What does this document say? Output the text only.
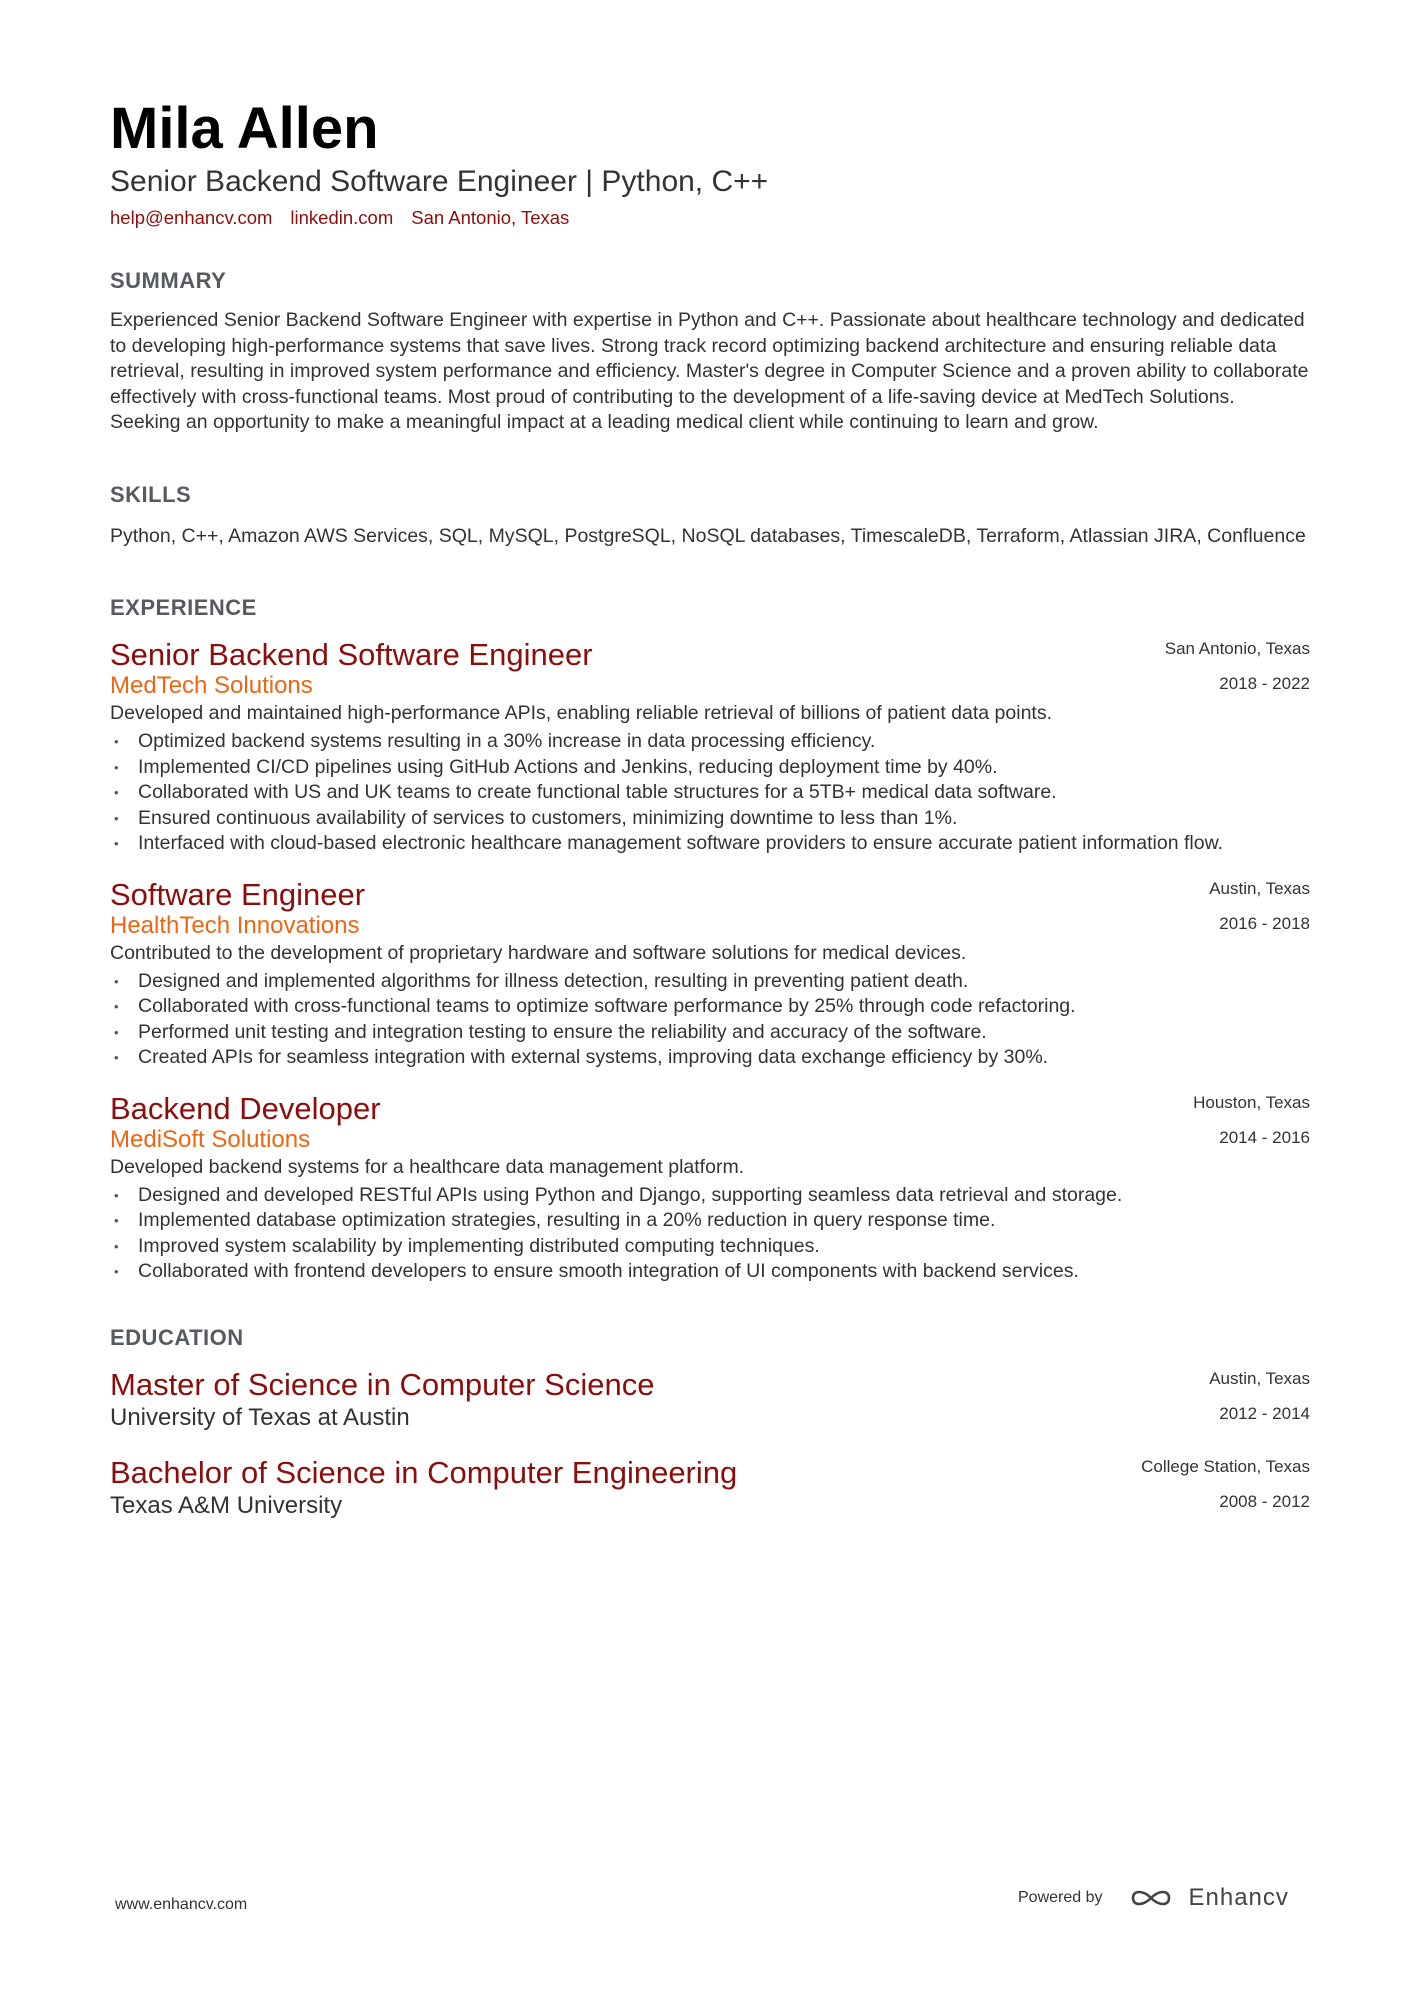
Mila Allen
Senior Backend Software Engineer | Python, C++
help@enhancv.com linkedin.com San Antonio, Texas
SUMMARY

Experienced Senior Backend Software Engineer with expertise in Python and C++. Passionate about healthcare technology and dedicated to developing high-performance systems that save lives. Strong track record optimizing backend architecture and ensuring reliable data retrieval, resulting in improved system performance and efficiency. Master's degree in Computer Science and a proven ability to collaborate effectively with cross-functional teams. Most proud of contributing to the development of a life-saving device at MedTech Solutions. Seeking an opportunity to make a meaningful impact at a leading medical client while continuing to learn and grow.

SKILLS

Python, C++, Amazon AWS Services, SQL, MySQL, PostgreSQL, NoSQL databases, TimescaleDB, Terraform, Atlassian JIRA, Confluence

EXPERIENCE
Senior Backend Software Engineer
MedTech Solutions
San Antonio, Texas
2018 - 2022
Developed and maintained high-performance APIs, enabling reliable retrieval of billions of patient data points.
• Optimized backend systems resulting in a 30% increase in data processing efficiency.
• Implemented CI/CD pipelines using GitHub Actions and Jenkins, reducing deployment time by 40%.
• Collaborated with US and UK teams to create functional table structures for a 5TB+ medical data software.
• Ensured continuous availability of services to customers, minimizing downtime to less than 1%.
• Interfaced with cloud-based electronic healthcare management software providers to ensure accurate patient information flow.
Software Engineer
HealthTech Innovations
Austin, Texas
2016 - 2018
Contributed to the development of proprietary hardware and software solutions for medical devices.
• Designed and implemented algorithms for illness detection, resulting in preventing patient death.
• Collaborated with cross-functional teams to optimize software performance by 25% through code refactoring.
• Performed unit testing and integration testing to ensure the reliability and accuracy of the software.
• Created APIs for seamless integration with external systems, improving data exchange efficiency by 30%.
Backend Developer
MediSoft Solutions
Houston, Texas
2014 - 2016
Developed backend systems for a healthcare data management platform.
• Designed and developed RESTful APIs using Python and Django, supporting seamless data retrieval and storage.
• Implemented database optimization strategies, resulting in a 20% reduction in query response time.
• Improved system scalability by implementing distributed computing techniques.
• Collaborated with frontend developers to ensure smooth integration of UI components with backend services.
EDUCATION
Master of Science in Computer Science
University of Texas at Austin
Austin, Texas
2012 - 2014
Bachelor of Science in Computer Engineering
Texas A&M University
College Station, Texas
2008 - 2012
www.enhancv.com	Powered by	Enhancv
